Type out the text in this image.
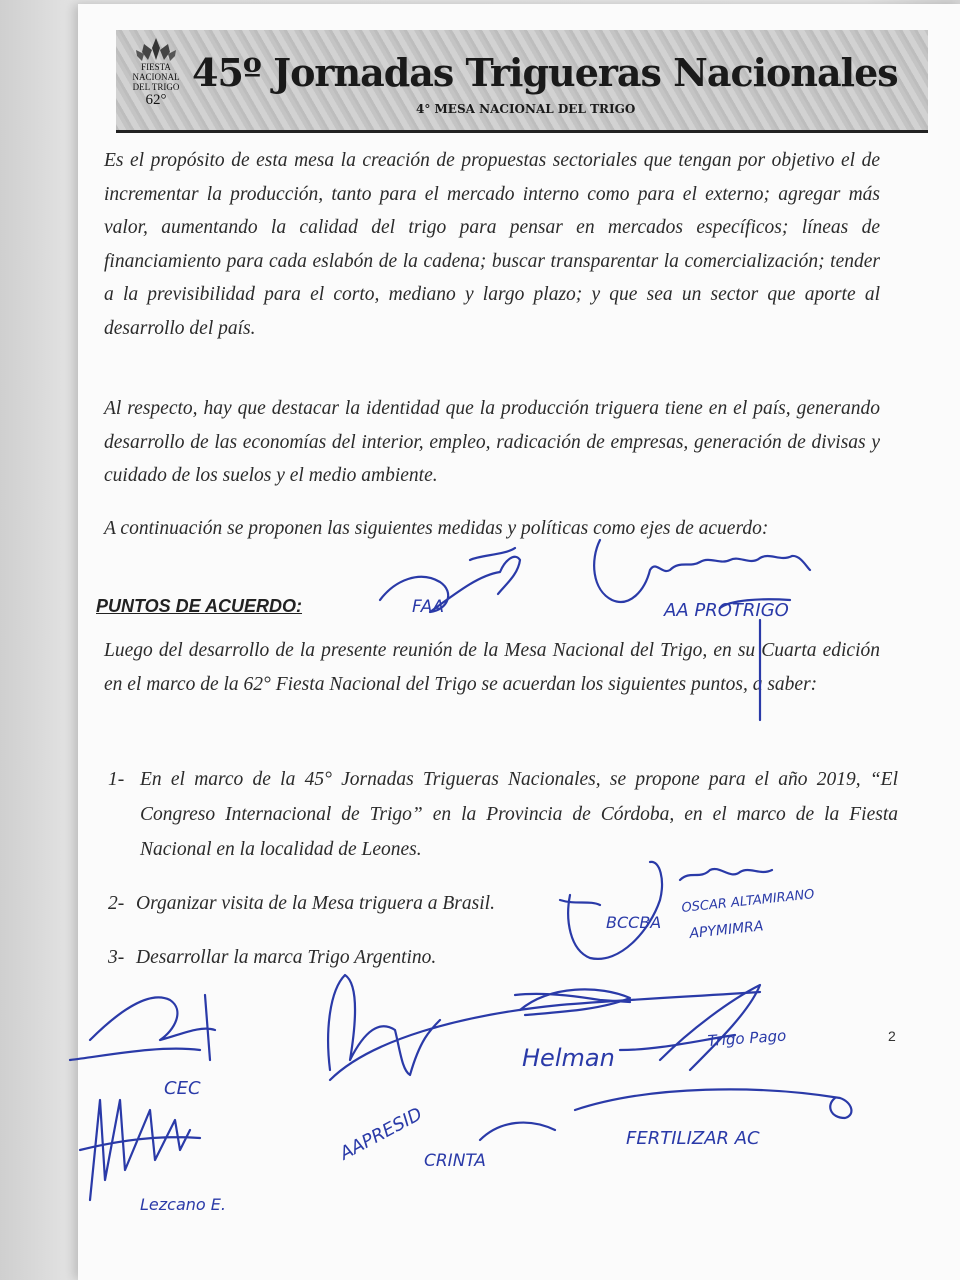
FIESTA NACIONAL
DEL TRIGO
62°
45º Jornadas Trigueras Nacionales
4° MESA NACIONAL DEL TRIGO

Es el propósito de esta mesa la creación de propuestas sectoriales que tengan por objetivo el de incrementar la producción, tanto para el mercado interno como para el externo; agregar más valor, aumentando la calidad del trigo para pensar en mercados específicos; líneas de financiamiento para cada eslabón de la cadena; buscar transparentar la comercialización; tender a la previsibilidad para el corto, mediano y largo plazo; y que sea un sector que aporte al desarrollo del país.

Al respecto, hay que destacar la identidad que la producción triguera tiene en el país, generando desarrollo de las economías del interior, empleo, radicación de empresas, generación de divisas y cuidado de los suelos y el medio ambiente.

A continuación se proponen las siguientes medidas y políticas como ejes de acuerdo:

PUNTOS DE ACUERDO:

Luego del desarrollo de la presente reunión de la Mesa Nacional del Trigo, en su Cuarta edición en el marco de la 62° Fiesta Nacional del Trigo se acuerdan los siguientes puntos, a saber:

1- En el marco de la 45° Jornadas Trigueras Nacionales, se propone para el año 2019, “El Congreso Internacional de Trigo” en la Provincia de Córdoba, en el marco de la Fiesta Nacional en la localidad de Leones.
2- Organizar visita de la Mesa triguera a Brasil.
3- Desarrollar la marca Trigo Argentino.
2
FAA	AA PROTRIGO
BCCBA
OSCAR ALTAMIRANO
APYMIMRA
CEC
AAPRESID
Helman
Trigo Pago
CRINTA
FERTILIZAR AC
Lezcano E.
